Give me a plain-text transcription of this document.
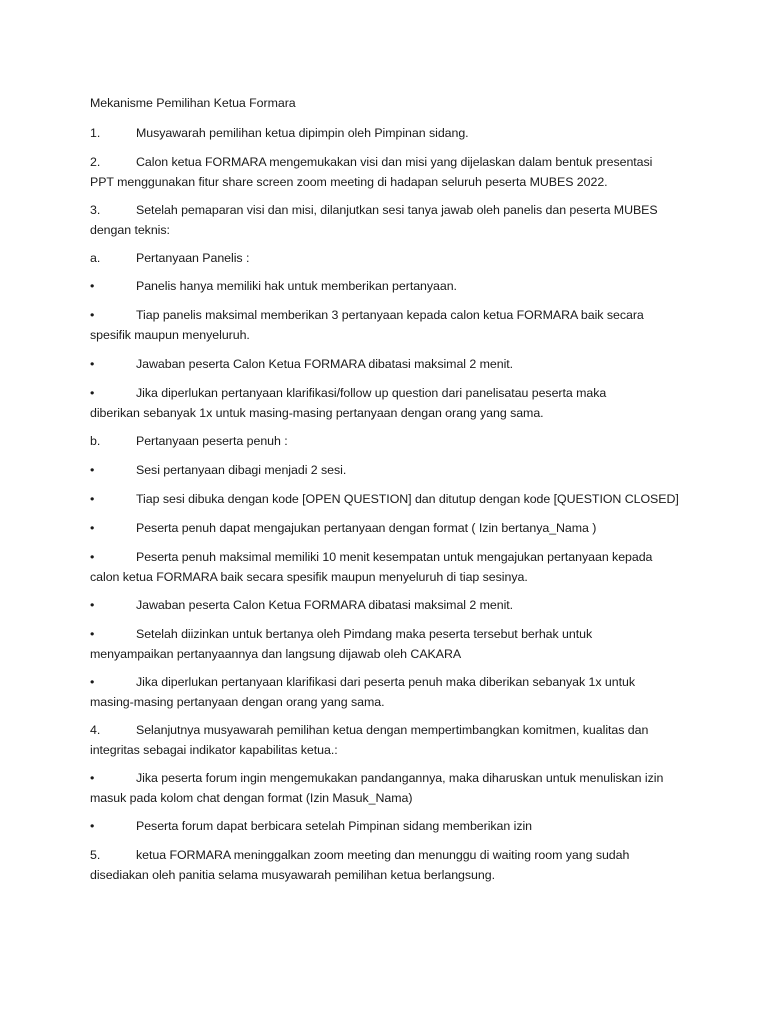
Mekanisme Pemilihan Ketua Formara

1.	Musyawarah pemilihan ketua dipimpin oleh Pimpinan sidang.

2.	Calon ketua FORMARA mengemukakan visi dan misi yang dijelaskan dalam bentuk presentasi

PPT menggunakan fitur share screen zoom meeting di hadapan seluruh peserta MUBES 2022.

3.	Setelah pemaparan visi dan misi, dilanjutkan sesi tanya jawab oleh panelis dan peserta MUBES

dengan teknis:

a.	Pertanyaan Panelis :

•	Panelis hanya memiliki hak untuk memberikan pertanyaan.

•	Tiap panelis maksimal memberikan 3 pertanyaan kepada calon ketua FORMARA baik secara

spesifik maupun menyeluruh.

•	Jawaban peserta Calon Ketua FORMARA dibatasi maksimal 2 menit.

•	Jika diperlukan pertanyaan klarifikasi/follow up question dari panelisatau peserta maka

diberikan sebanyak 1x untuk masing-masing pertanyaan dengan orang yang sama.

b.	Pertanyaan peserta penuh :

•	Sesi pertanyaan dibagi menjadi 2 sesi.

•	Tiap sesi dibuka dengan kode [OPEN QUESTION] dan ditutup dengan kode [QUESTION CLOSED]

•	Peserta penuh dapat mengajukan pertanyaan dengan format ( Izin bertanya_Nama )

•	Peserta penuh maksimal memiliki 10 menit kesempatan untuk mengajukan pertanyaan kepada

calon ketua FORMARA baik secara spesifik maupun menyeluruh di tiap sesinya.

•	Jawaban peserta Calon Ketua FORMARA dibatasi maksimal 2 menit.

•	Setelah diizinkan untuk bertanya oleh Pimdang maka peserta tersebut berhak untuk

menyampaikan pertanyaannya dan langsung dijawab oleh CAKARA

•	Jika diperlukan pertanyaan klarifikasi dari peserta penuh maka diberikan sebanyak 1x untuk

masing-masing pertanyaan dengan orang yang sama.

4.	Selanjutnya musyawarah pemilihan ketua dengan mempertimbangkan komitmen, kualitas dan

integritas sebagai indikator kapabilitas ketua.:

•	Jika peserta forum ingin mengemukakan pandangannya, maka diharuskan untuk menuliskan izin

masuk pada kolom chat dengan format (Izin Masuk_Nama)

•	Peserta forum dapat berbicara setelah Pimpinan sidang memberikan izin

5.	ketua FORMARA meninggalkan zoom meeting dan menunggu di waiting room yang sudah

disediakan oleh panitia selama musyawarah pemilihan ketua berlangsung.
